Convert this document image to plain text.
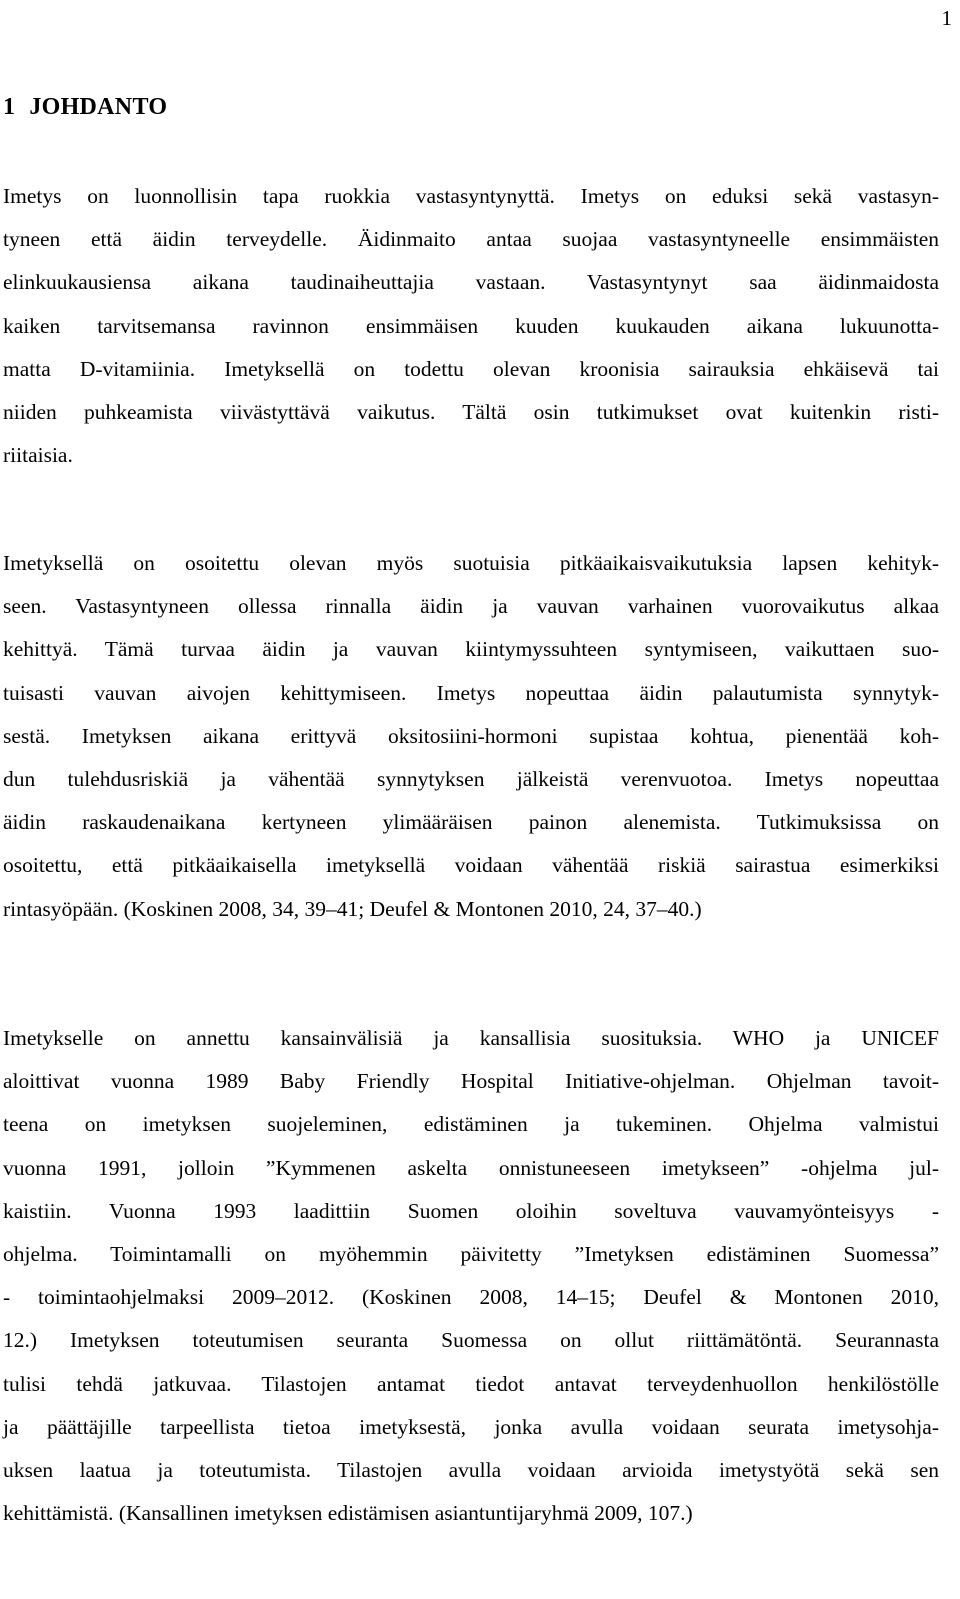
1
1 JOHDANTO
Imetys on luonnollisin tapa ruokkia vastasyntynyttä. Imetys on eduksi sekä vastasyn-
tyneen että äidin terveydelle. Äidinmaito antaa suojaa vastasyntyneelle ensimmäisten
elinkuukausiensa aikana taudinaiheuttajia vastaan. Vastasyntynyt saa äidinmaidosta
kaiken tarvitsemansa ravinnon ensimmäisen kuuden kuukauden aikana lukuunotta-
matta D-vitamiinia. Imetyksellä on todettu olevan kroonisia sairauksia ehkäisevä tai
niiden puhkeamista viivästyttävä vaikutus. Tältä osin tutkimukset ovat kuitenkin risti-
riitaisia.
Imetyksellä on osoitettu olevan myös suotuisia pitkäaikaisvaikutuksia lapsen kehityk-
seen. Vastasyntyneen ollessa rinnalla äidin ja vauvan varhainen vuorovaikutus alkaa
kehittyä. Tämä turvaa äidin ja vauvan kiintymyssuhteen syntymiseen, vaikuttaen suo-
tuisasti vauvan aivojen kehittymiseen. Imetys nopeuttaa äidin palautumista synnytyk-
sestä. Imetyksen aikana erittyvä oksitosiini-hormoni supistaa kohtua, pienentää koh-
dun tulehdusriskiä ja vähentää synnytyksen jälkeistä verenvuotoa. Imetys nopeuttaa
äidin raskaudenaikana kertyneen ylimääräisen painon alenemista. Tutkimuksissa on
osoitettu, että pitkäaikaisella imetyksellä voidaan vähentää riskiä sairastua esimerkiksi
rintasyöpään. (Koskinen 2008, 34, 39–41; Deufel & Montonen 2010, 24, 37–40.)
Imetykselle on annettu kansainvälisiä ja kansallisia suosituksia. WHO ja UNICEF
aloittivat vuonna 1989 Baby Friendly Hospital Initiative-ohjelman. Ohjelman tavoit-
teena on imetyksen suojeleminen, edistäminen ja tukeminen. Ohjelma valmistui
vuonna 1991, jolloin ”Kymmenen askelta onnistuneeseen imetykseen” -ohjelma jul-
kaistiin. Vuonna 1993 laadittiin Suomen oloihin soveltuva vauvamyönteisyys -
ohjelma. Toimintamalli on myöhemmin päivitetty ”Imetyksen edistäminen Suomessa”
- toimintaohjelmaksi 2009–2012. (Koskinen 2008, 14–15; Deufel & Montonen 2010,
12.) Imetyksen toteutumisen seuranta Suomessa on ollut riittämätöntä. Seurannasta
tulisi tehdä jatkuvaa. Tilastojen antamat tiedot antavat terveydenhuollon henkilöstölle
ja päättäjille tarpeellista tietoa imetyksestä, jonka avulla voidaan seurata imetysohja-
uksen laatua ja toteutumista. Tilastojen avulla voidaan arvioida imetystyötä sekä sen
kehittämistä. (Kansallinen imetyksen edistämisen asiantuntijaryhmä 2009, 107.)
